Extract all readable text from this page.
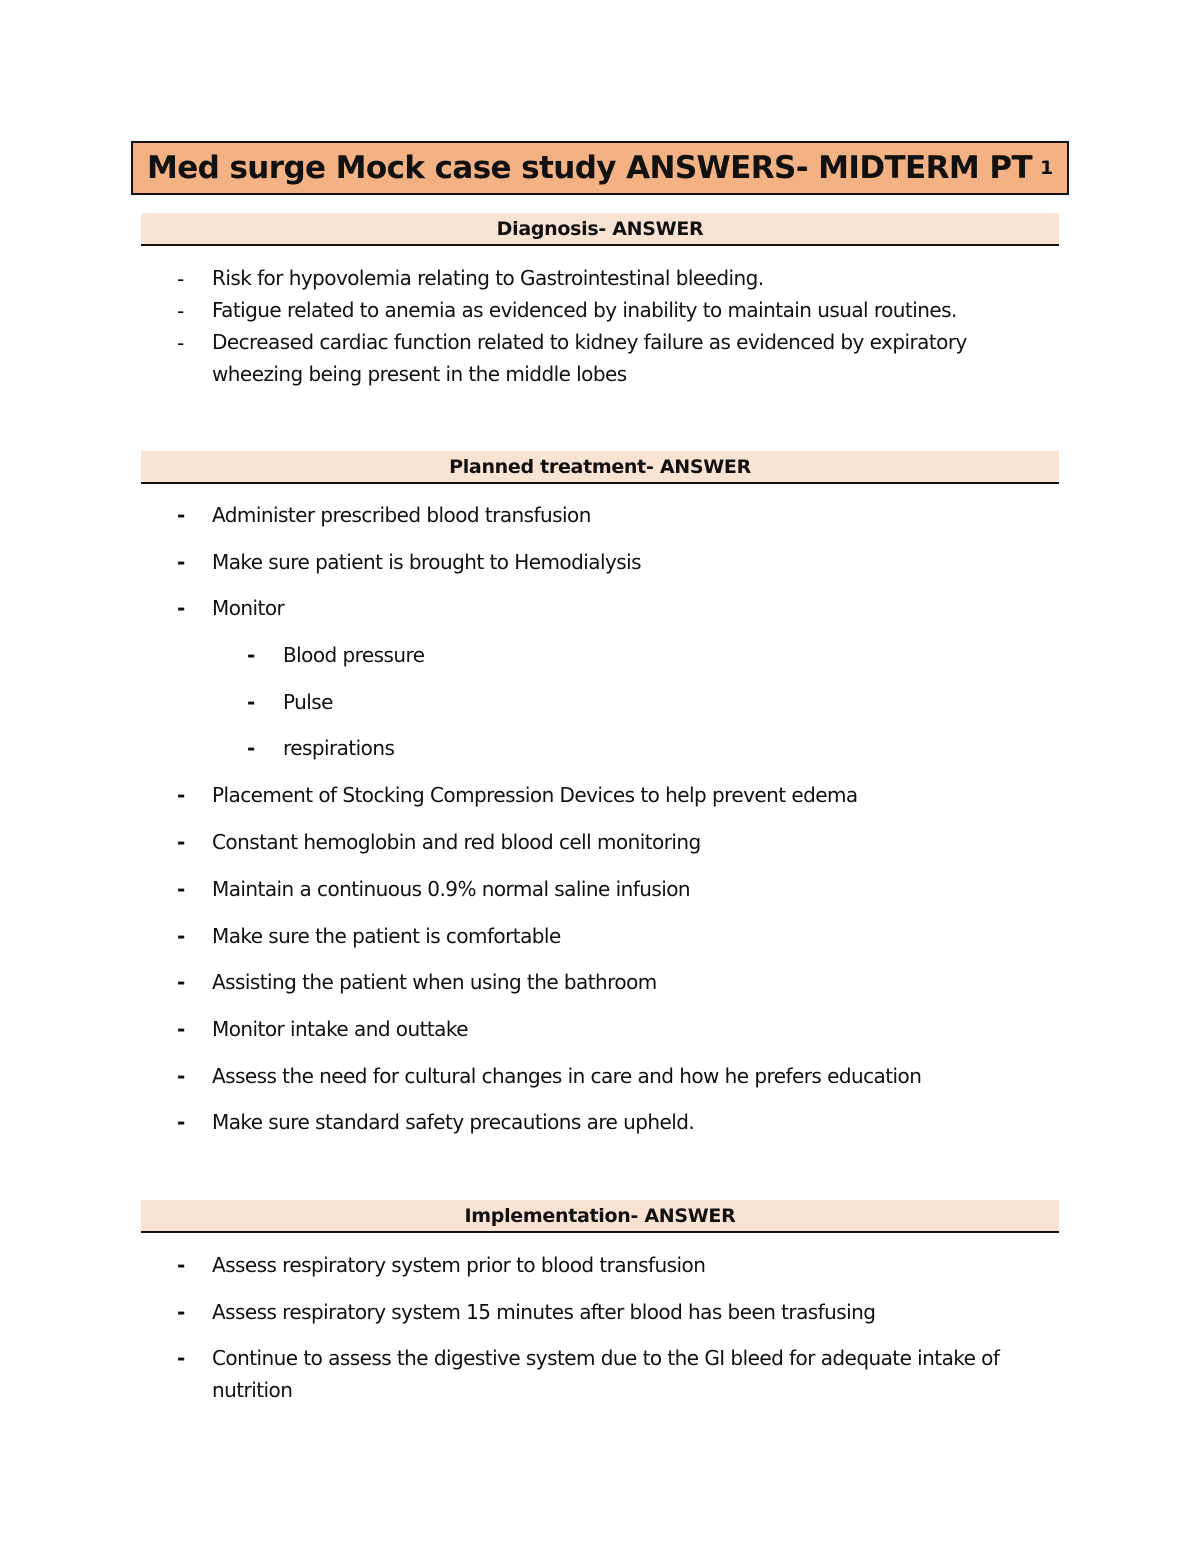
Med surge Mock case study ANSWERS- MIDTERM PT 1
Diagnosis- ANSWER
- Risk for hypovolemia relating to Gastrointestinal bleeding.
- Fatigue related to anemia as evidenced by inability to maintain usual routines.
- Decreased cardiac function related to kidney failure as evidenced by expiratory
wheezing being present in the middle lobes
Planned treatment- ANSWER
- Administer prescribed blood transfusion
- Make sure patient is brought to Hemodialysis
- Monitor
- Blood pressure
- Pulse
- respirations
- Placement of Stocking Compression Devices to help prevent edema
- Constant hemoglobin and red blood cell monitoring
- Maintain a continuous 0.9% normal saline infusion
- Make sure the patient is comfortable
- Assisting the patient when using the bathroom
- Monitor intake and outtake
- Assess the need for cultural changes in care and how he prefers education
- Make sure standard safety precautions are upheld.
Implementation- ANSWER
- Assess respiratory system prior to blood transfusion
- Assess respiratory system 15 minutes after blood has been trasfusing
- Continue to assess the digestive system due to the GI bleed for adequate intake of
nutrition
